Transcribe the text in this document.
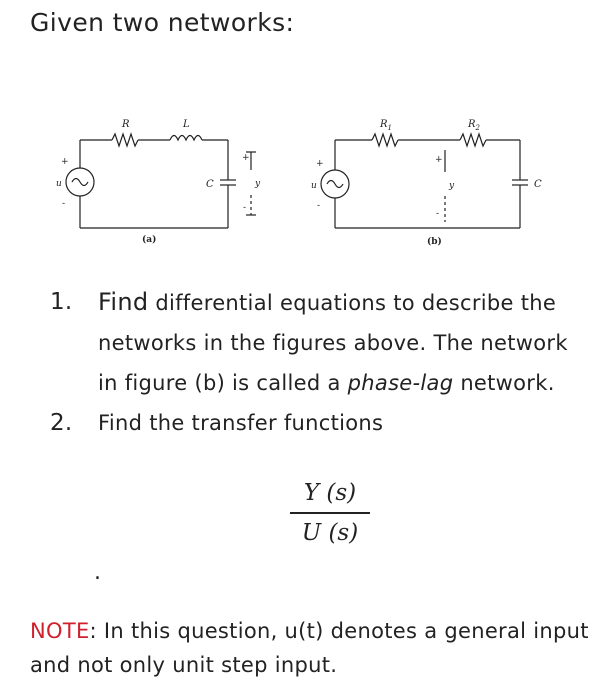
Given two networks:
R	L
C
u
+
-
+
y
-
(a)
$R_1$	$R_2$
C
u
+
-
+
y
-
(b)
1. Find differential equations to describe the networks in the figures above. The network in figure (b) is called a phase-lag network.
2. Find the transfer functions
Y (s)
U (s)
.
NOTE: In this question, u(t) denotes a general input and not only unit step input.
